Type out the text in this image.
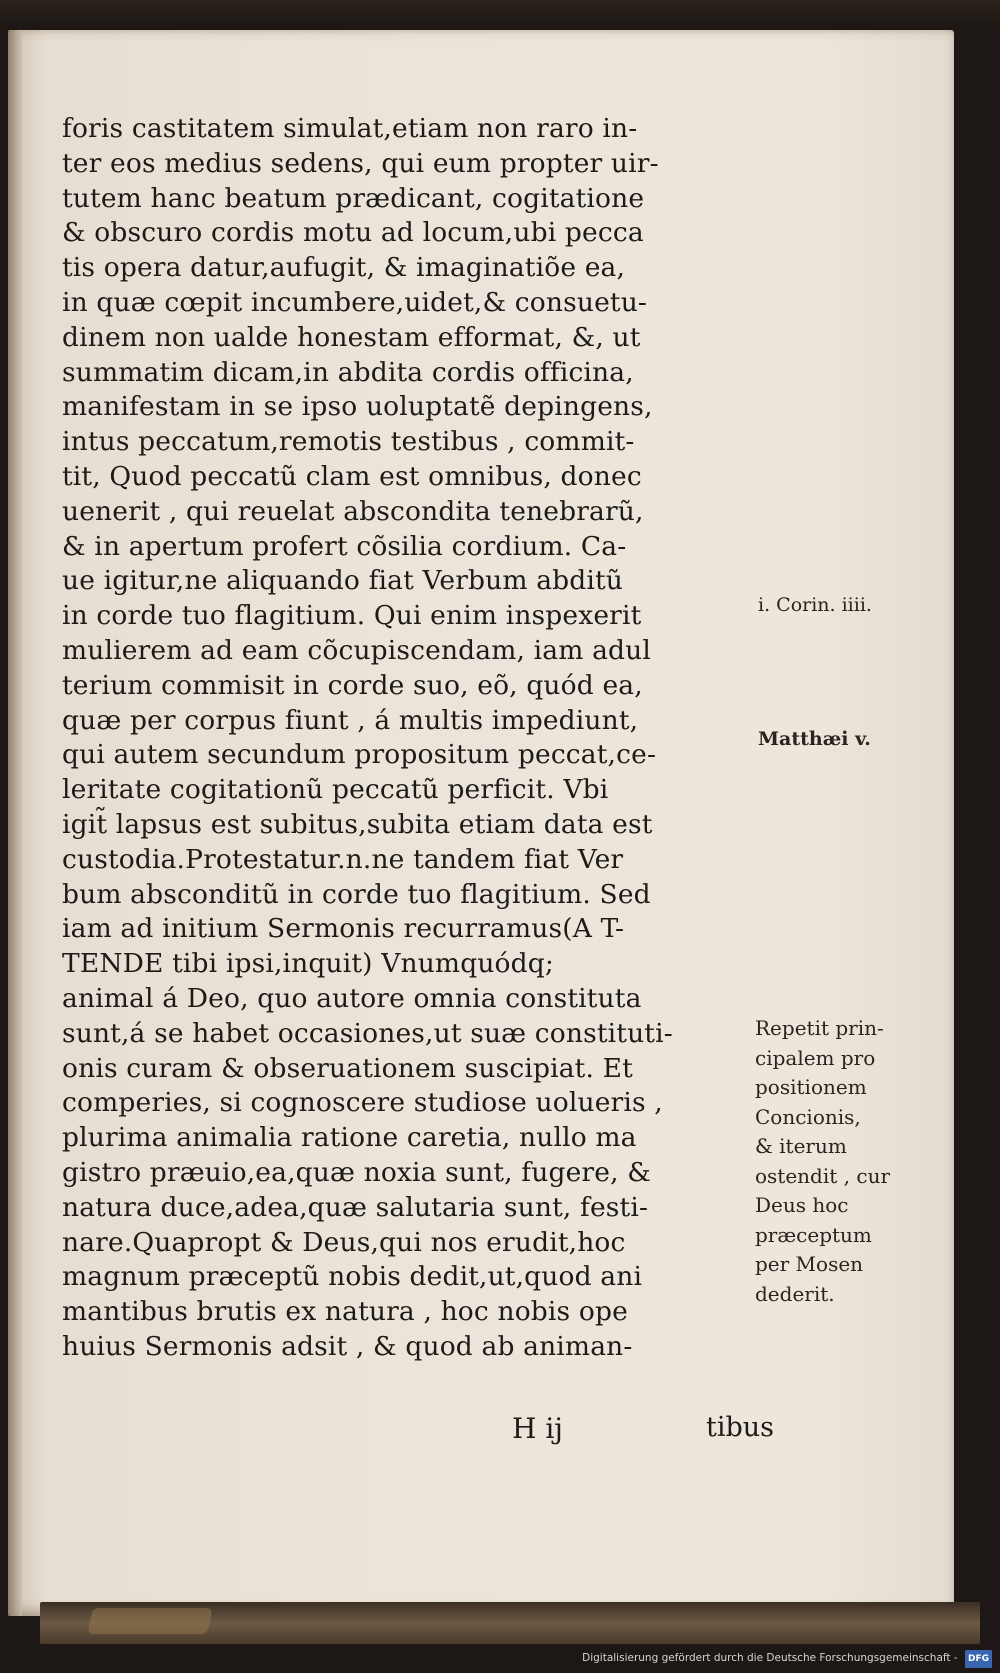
foris castitatem simulat,etiam non raro in-
ter eos medius sedens, qui eum propter uir-
tutem hanc beatum prædicant, cogitatione
& obscuro cordis motu ad locum,ubi pecca
tis opera datur,aufugit, & imaginatiõe ea,
in quæ cœpit incumbere,uidet,& consuetu-
dinem non ualde honestam efformat, &, ut
summatim dicam,in abdita cordis officina,
manifestam in se ipso uoluptatẽ depingens,
intus peccatum,remotis testibus , commit-
tit, Quod peccatũ clam est omnibus, donec
uenerit , qui reuelat abscondita tenebrarũ,
& in apertum profert cõsilia cordium. Ca-
ue igitur,ne aliquando fiat Verbum abditũ
in corde tuo flagitium. Qui enim inspexerit
mulierem ad eam cõcupiscendam, iam adul
terium commisit in corde suo, eõ, quód ea,
quæ per corpus fiunt , á multis impediunt,
qui autem secundum propositum peccat,ce-
leritate cogitationũ peccatũ perficit. Vbi
igit̃ lapsus est subitus,subita etiam data est
custodia.Protestatur.n.ne tandem fiat Ver
bum absconditũ in corde tuo flagitium. Sed
iam ad initium Sermonis recurramus(A T-
TENDE tibi ipsi,inquit) Vnumquódq;
animal á Deo, quo autore omnia constituta
sunt,á se habet occasiones,ut suæ constituti-
onis curam & obseruationem suscipiat. Et
comperies, si cognoscere studiose uolueris ,
plurima animalia ratione caretia, nullo ma
gistro præuio,ea,quæ noxia sunt, fugere, &
natura duce,adea,quæ salutaria sunt, festi-
nare.Quapropt & Deus,qui nos erudit,hoc
magnum præceptũ nobis dedit,ut,quod ani
mantibus brutis ex natura , hoc nobis ope
huius Sermonis adsit , & quod ab animan-
H ij	tibus
i. Corin. iiii.
Matthæi v.
Repetit prin-
cipalem pro
positionem
Concionis,
& iterum
ostendit , cur
Deus hoc
præceptum
per Mosen
dederit.
Digitalisierung gefördert durch die Deutsche Forschungsgemeinschaft - DFG
